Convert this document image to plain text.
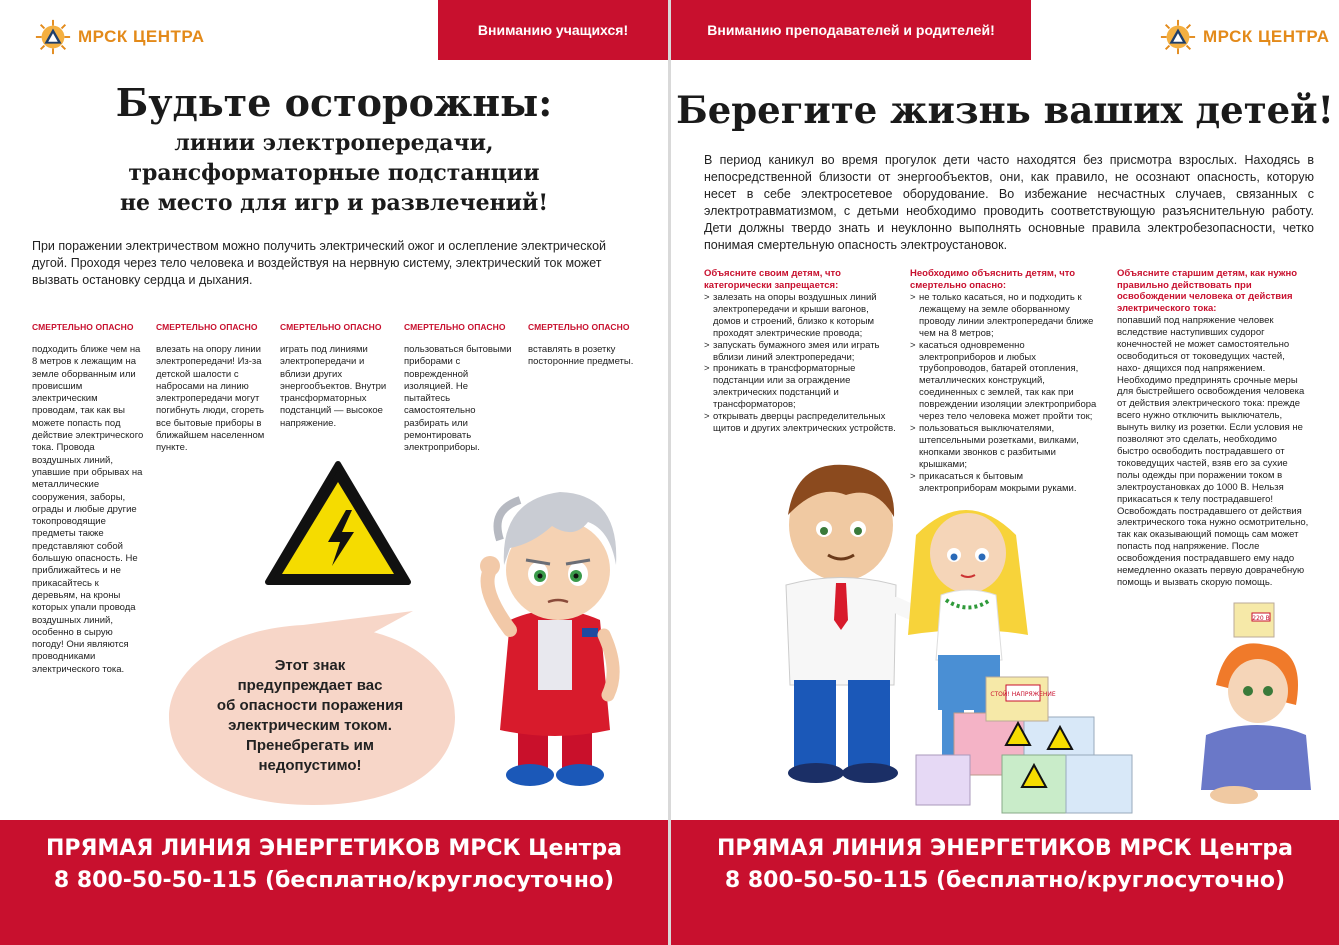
МРСК ЦЕНТРА	Вниманию учащихся!
Будьте осторожны:
линии электропередачи,
трансформаторные подстанции
не место для игр и развлечений!

При поражении электричеством можно получить электрический ожог и ослепление электрической дугой. Проходя через тело человека и воздействуя на нервную систему, электрический ток может вызвать остановку сердца и дыхания.

СМЕРТЕЛЬНО ОПАСНО
подходить ближе чем на 8 метров к лежащим на земле оборванным или провисшим электрическим проводам, так как вы можете попасть под действие электрического тока. Провода воздушных линий, упавшие при обрывах на металлические сооружения, заборы, ограды и любые другие токопроводящие предметы также представляют собой большую опасность. Не приближайтесь и не прикасайтесь к деревьям, на кроны которых упали провода воздушных линий, особенно в сырую погоду! Они являются проводниками электрического тока.
СМЕРТЕЛЬНО ОПАСНО
влезать на опору линии электропередачи! Из-за детской шалости с набросами на линию электропередачи могут погибнуть люди, сгореть все бытовые приборы в ближайшем населенном пункте.
СМЕРТЕЛЬНО ОПАСНО
играть под линиями электропередачи и вблизи других энергообъектов. Внутри трансформаторных подстанций — высокое напряжение.
СМЕРТЕЛЬНО ОПАСНО
пользоваться бытовыми приборами с поврежденной изоляцией. Не пытайтесь самостоятельно разбирать или ремонтировать электроприборы.
СМЕРТЕЛЬНО ОПАСНО
вставлять в розетку посторонние предметы.
Этот знак
предупреждает вас
об опасности поражения
электрическим током.
Пренебрегать им
недопустимо!
ПРЯМАЯ ЛИНИЯ ЭНЕРГЕТИКОВ МРСК Центра
8 800-50-50-115 (бесплатно/круглосуточно)
Вниманию преподавателей и родителей!	МРСК ЦЕНТРА
Берегите жизнь ваших детей!

В период каникул во время прогулок дети часто находятся без присмотра взрослых. Находясь в непосредственной близости от энергообъектов, они, как правило, не осознают опасность, которую несет в себе электросетевое оборудование. Во избежание несчастных случаев, связанных с электротравматизмом, с детьми необходимо проводить соответствующую разъяснительную работу. Дети должны твердо знать и неуклонно выполнять основные правила электробезопасности, четко понимая смертельную опасность электроустановок.

Объясните своим детям, что категорически запрещается:
> залезать на опоры воздушных линий электропередачи и крыши вагонов, домов и строений, близко к которым проходят электрические провода;
> запускать бумажного змея или играть вблизи линий электропередачи;
> проникать в трансформаторные подстанции или за ограждение электрических подстанций и трансформаторов;
> открывать дверцы распределительных щитов и других электрических устройств.
Необходимо объяснить детям, что смертельно опасно:
> не только касаться, но и подходить к лежащему на земле оборванному проводу линии электропередачи ближе чем на 8 метров;
> касаться одновременно электроприборов и любых трубопроводов, батарей отопления, металлических конструкций, соединенных с землей, так как при повреждении изоляции электроприбора через тело человека может пройти ток;
> пользоваться выключателями, штепсельными розетками, вилками, кнопками звонков с разбитыми крышками;
> прикасаться к бытовым электроприборам мокрыми руками.
Объясните старшим детям, как нужно правильно действовать при освобождении человека от действия электрического тока:
попавший под напряжение человек вследствие наступивших судорог конечностей не может самостоятельно освободиться от токоведущих частей, нахо- дящихся под напряжением. Необходимо предпринять срочные меры для быстрейшего освобождения человека от действия электрического тока: прежде всего нужно отключить выключатель, вынуть вилку из розетки. Если условия не позволяют это сделать, необходимо быстро освободить пострадавшего от токоведущих частей, взяв его за сухие полы одежды при поражении током в электроустановках до 1000 В. Нельзя прикасаться к телу пострадавшего! Освобождать пострадавшего от действия электрического тока нужно осмотрительно, так как оказывающий помощь сам может попасть под напряжение. После освобождения пострадавшего ему надо немедленно оказать первую доврачебную помощь и вызвать скорую помощь.
СТОЙ! НАПРЯЖЕНИЕ
220 В
ПРЯМАЯ ЛИНИЯ ЭНЕРГЕТИКОВ МРСК Центра
8 800-50-50-115 (бесплатно/круглосуточно)
